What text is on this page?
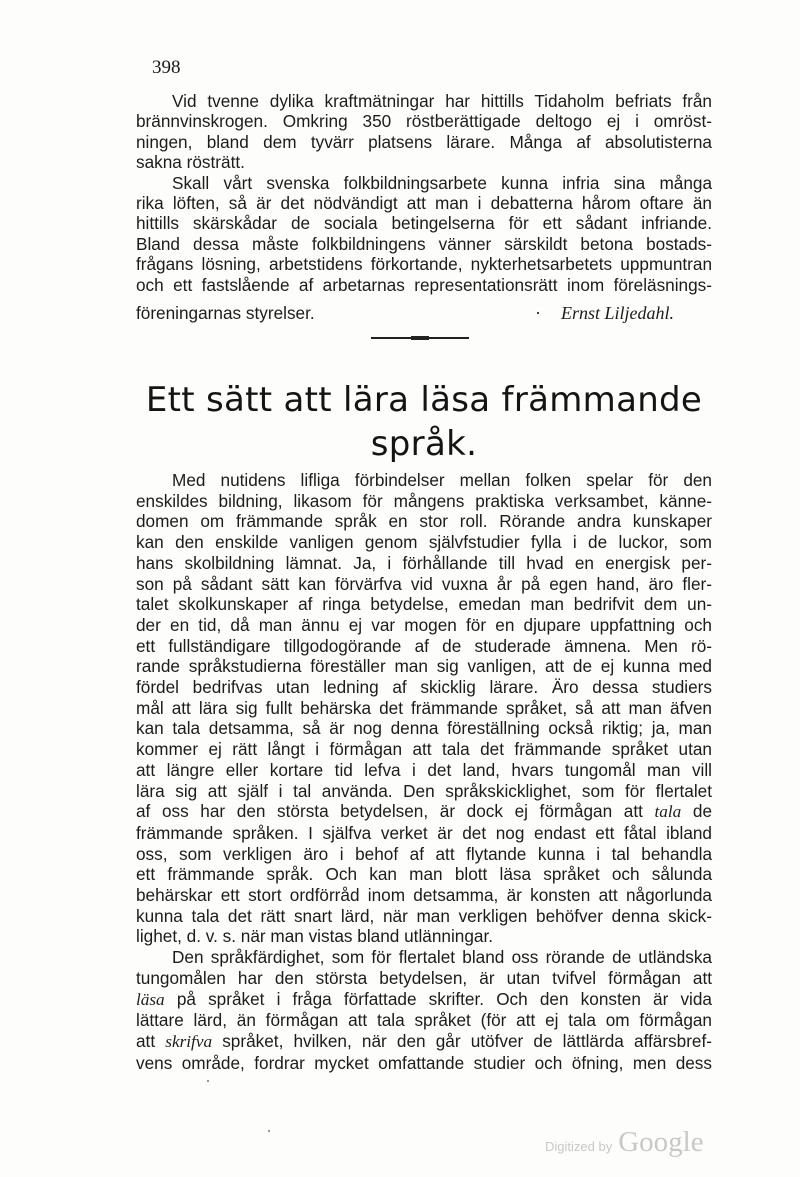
398
Vid tvenne dylika kraftmätningar har hittills Tidaholm befriats från
brännvinskrogen. Omkring 350 röstberättigade deltogo ej i omröst-
ningen, bland dem tyvärr platsens lärare. Många af absolutisterna
sakna rösträtt.
Skall vårt svenska folkbildningsarbete kunna infria sina många
rika löften, så är det nödvändigt att man i debatterna hårom oftare än
hittills skärskådar de sociala betingelserna för ett sådant infriande.
Bland dessa måste folkbildningens vänner särskildt betona bostads-
frågans lösning, arbetstidens förkortande, nykterhetsarbetets uppmuntran
och ett fastslående af arbetarnas representationsrätt inom föreläsnings-
föreningarnas styrelser.
·	Ernst Liljedahl.
Ett sätt att lära läsa främmande
språk.
Med nutidens lifliga förbindelser mellan folken spelar för den
enskildes bildning, likasom för mångens praktiska verksambet, känne-
domen om främmande språk en stor roll. Rörande andra kunskaper
kan den enskilde vanligen genom självfstudier fylla i de luckor, som
hans skolbildning lämnat. Ja, i förhållande till hvad en energisk per-
son på sådant sätt kan förvärfva vid vuxna år på egen hand, äro fler-
talet skolkunskaper af ringa betydelse, emedan man bedrifvit dem un-
der en tid, då man ännu ej var mogen för en djupare uppfattning och
ett fullständigare tillgodogörande af de studerade ämnena. Men rö-
rande språkstudierna föreställer man sig vanligen, att de ej kunna med
fördel bedrifvas utan ledning af skicklig lärare. Äro dessa studiers
mål att lära sig fullt behärska det främmande språket, så att man äfven
kan tala detsamma, så är nog denna föreställning också riktig; ja, man
kommer ej rätt långt i förmågan att tala det främmande språket utan
att längre eller kortare tid lefva i det land, hvars tungomål man vill
lära sig att själf i tal använda. Den språkskicklighet, som för flertalet
af oss har den största betydelsen, är dock ej förmågan att tala de
främmande språken. I själfva verket är det nog endast ett fåtal ibland
oss, som verkligen äro i behof af att flytande kunna i tal behandla
ett främmande språk. Och kan man blott läsa språket och sålunda
behärskar ett stort ordförråd inom detsamma, är konsten att någorlunda
kunna tala det rätt snart lärd, när man verkligen behöfver denna skick-
lighet, d. v. s. när man vistas bland utlänningar.
Den språkfärdighet, som för flertalet bland oss rörande de utländska
tungomålen har den största betydelsen, är utan tvifvel förmågan att
läsa på språket i fråga författade skrifter. Och den konsten är vida
lättare lärd, än förmågan att tala språket (för att ej tala om förmågan
att skrifva språket, hvilken, när den går utöfver de lättlärda affärsbref-
vens område, fordrar mycket omfattande studier och öfning, men dess
Digitized by Google
